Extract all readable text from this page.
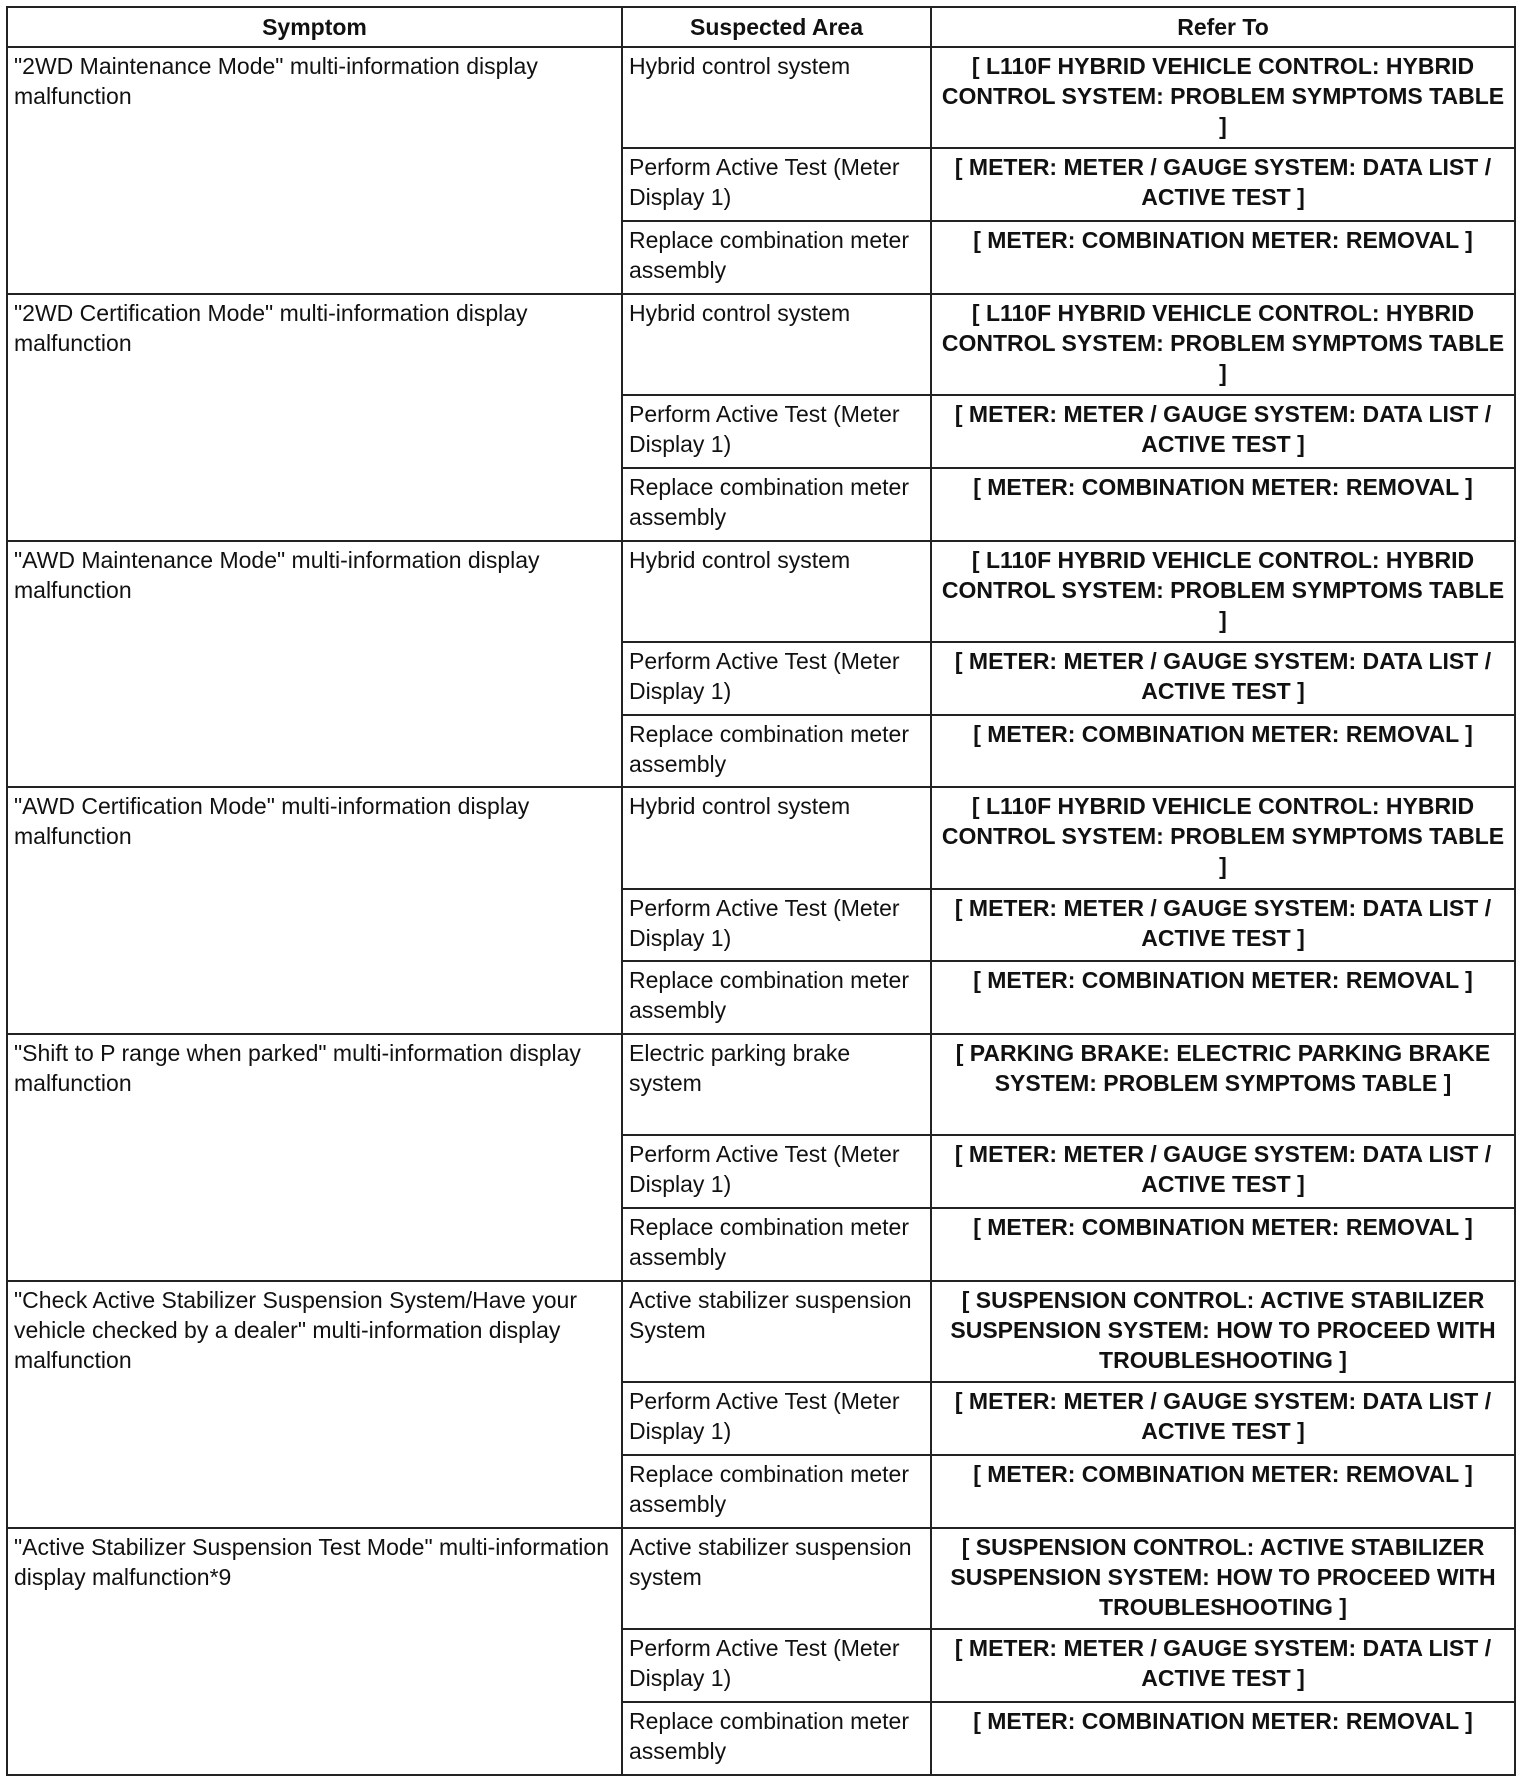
Symptom	Suspected Area	Refer To
"2WD Maintenance Mode" multi-information display malfunction	Hybrid control system	[ L110F HYBRID VEHICLE CONTROL: HYBRID CONTROL SYSTEM: PROBLEM SYMPTOMS TABLE ]
	Perform Active Test (Meter Display 1)	[ METER: METER / GAUGE SYSTEM: DATA LIST / ACTIVE TEST ]
	Replace combination meter assembly	[ METER: COMBINATION METER: REMOVAL ]
"2WD Certification Mode" multi-information display malfunction	Hybrid control system	[ L110F HYBRID VEHICLE CONTROL: HYBRID CONTROL SYSTEM: PROBLEM SYMPTOMS TABLE ]
	Perform Active Test (Meter Display 1)	[ METER: METER / GAUGE SYSTEM: DATA LIST / ACTIVE TEST ]
	Replace combination meter assembly	[ METER: COMBINATION METER: REMOVAL ]
"AWD Maintenance Mode" multi-information display malfunction	Hybrid control system	[ L110F HYBRID VEHICLE CONTROL: HYBRID CONTROL SYSTEM: PROBLEM SYMPTOMS TABLE ]
	Perform Active Test (Meter Display 1)	[ METER: METER / GAUGE SYSTEM: DATA LIST / ACTIVE TEST ]
	Replace combination meter assembly	[ METER: COMBINATION METER: REMOVAL ]
"AWD Certification Mode" multi-information display malfunction	Hybrid control system	[ L110F HYBRID VEHICLE CONTROL: HYBRID CONTROL SYSTEM: PROBLEM SYMPTOMS TABLE ]
	Perform Active Test (Meter Display 1)	[ METER: METER / GAUGE SYSTEM: DATA LIST / ACTIVE TEST ]
	Replace combination meter assembly	[ METER: COMBINATION METER: REMOVAL ]
"Shift to P range when parked" multi-information display malfunction	Electric parking brake system	[ PARKING BRAKE: ELECTRIC PARKING BRAKE SYSTEM: PROBLEM SYMPTOMS TABLE ]
	Perform Active Test (Meter Display 1)	[ METER: METER / GAUGE SYSTEM: DATA LIST / ACTIVE TEST ]
	Replace combination meter assembly	[ METER: COMBINATION METER: REMOVAL ]
"Check Active Stabilizer Suspension System/Have your vehicle checked by a dealer" multi-information display malfunction	Active stabilizer suspension System	[ SUSPENSION CONTROL: ACTIVE STABILIZER SUSPENSION SYSTEM: HOW TO PROCEED WITH TROUBLESHOOTING ]
	Perform Active Test (Meter Display 1)	[ METER: METER / GAUGE SYSTEM: DATA LIST / ACTIVE TEST ]
	Replace combination meter assembly	[ METER: COMBINATION METER: REMOVAL ]
"Active Stabilizer Suspension Test Mode" multi-information display malfunction*9	Active stabilizer suspension system	[ SUSPENSION CONTROL: ACTIVE STABILIZER SUSPENSION SYSTEM: HOW TO PROCEED WITH TROUBLESHOOTING ]
	Perform Active Test (Meter Display 1)	[ METER: METER / GAUGE SYSTEM: DATA LIST / ACTIVE TEST ]
	Replace combination meter assembly	[ METER: COMBINATION METER: REMOVAL ]
